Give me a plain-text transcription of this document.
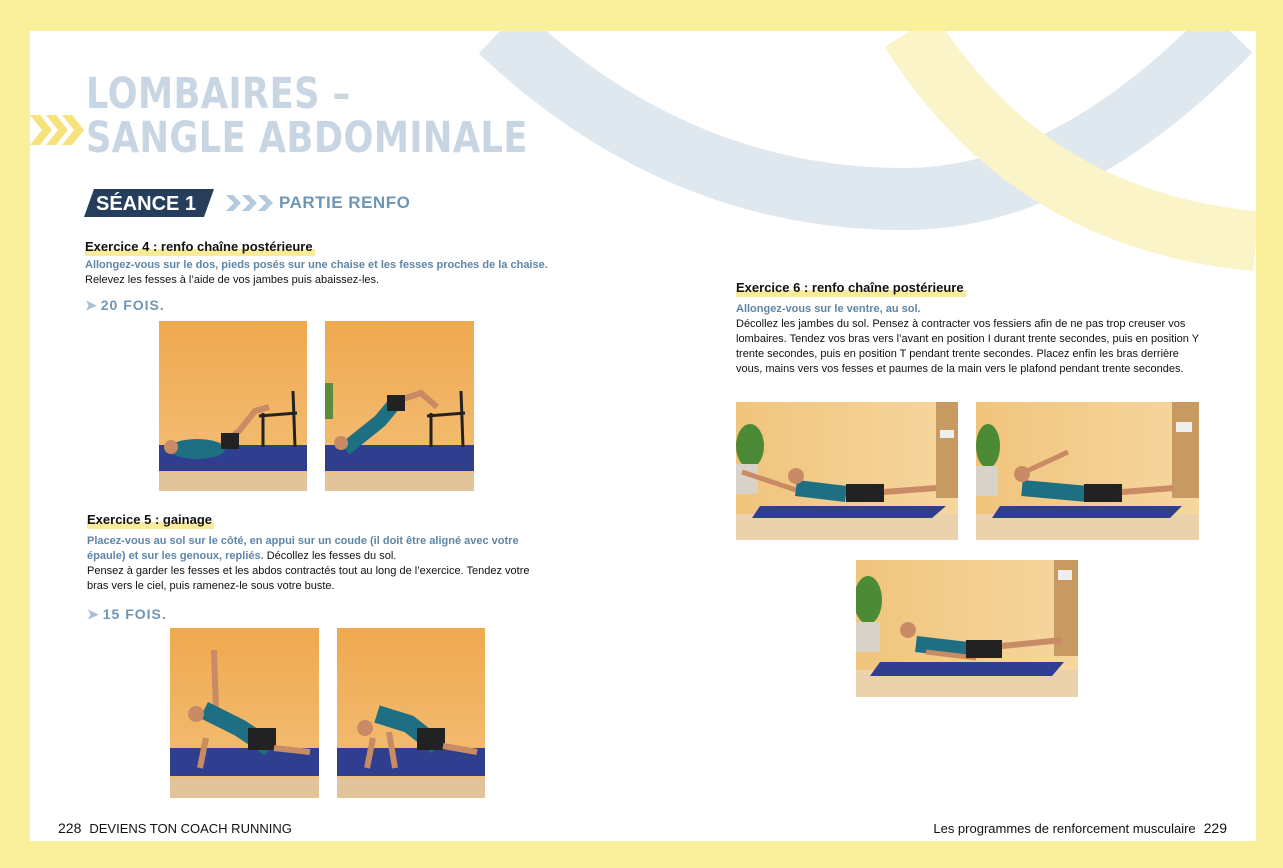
LOMBAIRES –
SANGLE ABDOMINALE
SÉANCE 1	PARTIE RENFO
Exercice 4 : renfo chaîne postérieure
Allongez-vous sur le dos, pieds posés sur une chaise et les fesses proches de la chaise.
Relevez les fesses à l’aide de vos jambes puis abaissez-les.
➤ 20 FOIS.
Exercice 5 : gainage
Placez-vous au sol sur le côté, en appui sur un coude (il doit être aligné avec votre épaule) et sur les genoux, repliés. Décollez les fesses du sol.
Pensez à garder les fesses et les abdos contractés tout au long de l’exercice. Tendez votre bras vers le ciel, puis ramenez-le sous votre buste.
➤ 15 FOIS.
Exercice 6 : renfo chaîne postérieure
Allongez-vous sur le ventre, au sol.
Décollez les jambes du sol. Pensez à contracter vos fessiers afin de ne pas trop creuser vos lombaires. Tendez vos bras vers l’avant en position I durant trente secondes, puis en position Y trente secondes, puis en position T pendant trente secondes. Placez enfin les bras derrière vous, mains vers vos fesses et paumes de la main vers le plafond pendant trente secondes.
228 DEVIENS TON COACH RUNNING	Les programmes de renforcement musculaire 229
